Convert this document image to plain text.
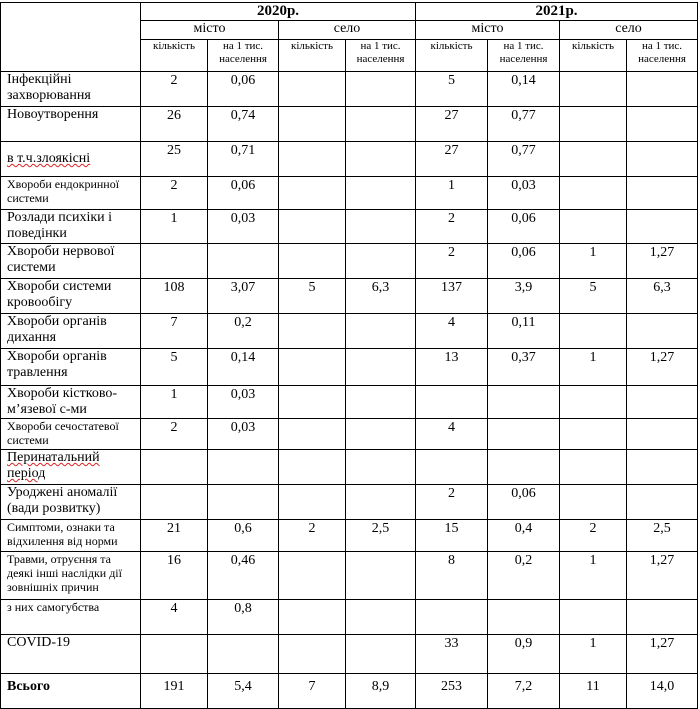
	2020р.				2021р.			
	місто		село		місто		село	
	кількість	на 1 тис. населення	кількість	на 1 тис. населення	кількість	на 1 тис. населення	кількість	на 1 тис. населення
Інфекційні захворювання	2	0,06			5	0,14		
Новоутворення	26	0,74			27	0,77		
в т.ч.злоякісні	25	0,71			27	0,77		
Хвороби ендокринної системи	2	0,06			1	0,03		
Розлади психіки і поведінки	1	0,03			2	0,06		
Хвороби нервової системи					2	0,06	1	1,27
Хвороби системи кровообігу	108	3,07	5	6,3	137	3,9	5	6,3
Хвороби органів дихання	7	0,2			4	0,11		
Хвороби органів травлення	5	0,14			13	0,37	1	1,27
Хвороби кістково-м’язевої с-ми	1	0,03						
Хвороби сечостатевої системи	2	0,03			4			
Перинатальний період								
Уроджені аномалії (вади розвитку)					2	0,06		
Симптоми, ознаки та відхилення від норми	21	0,6	2	2,5	15	0,4	2	2,5
Травми, отруєння та деякі інші наслідки дії зовнішніх причин	16	0,46			8	0,2	1	1,27
з них самогубства	4	0,8						
COVID-19					33	0,9	1	1,27
Всього	191	5,4	7	8,9	253	7,2	11	14,0
